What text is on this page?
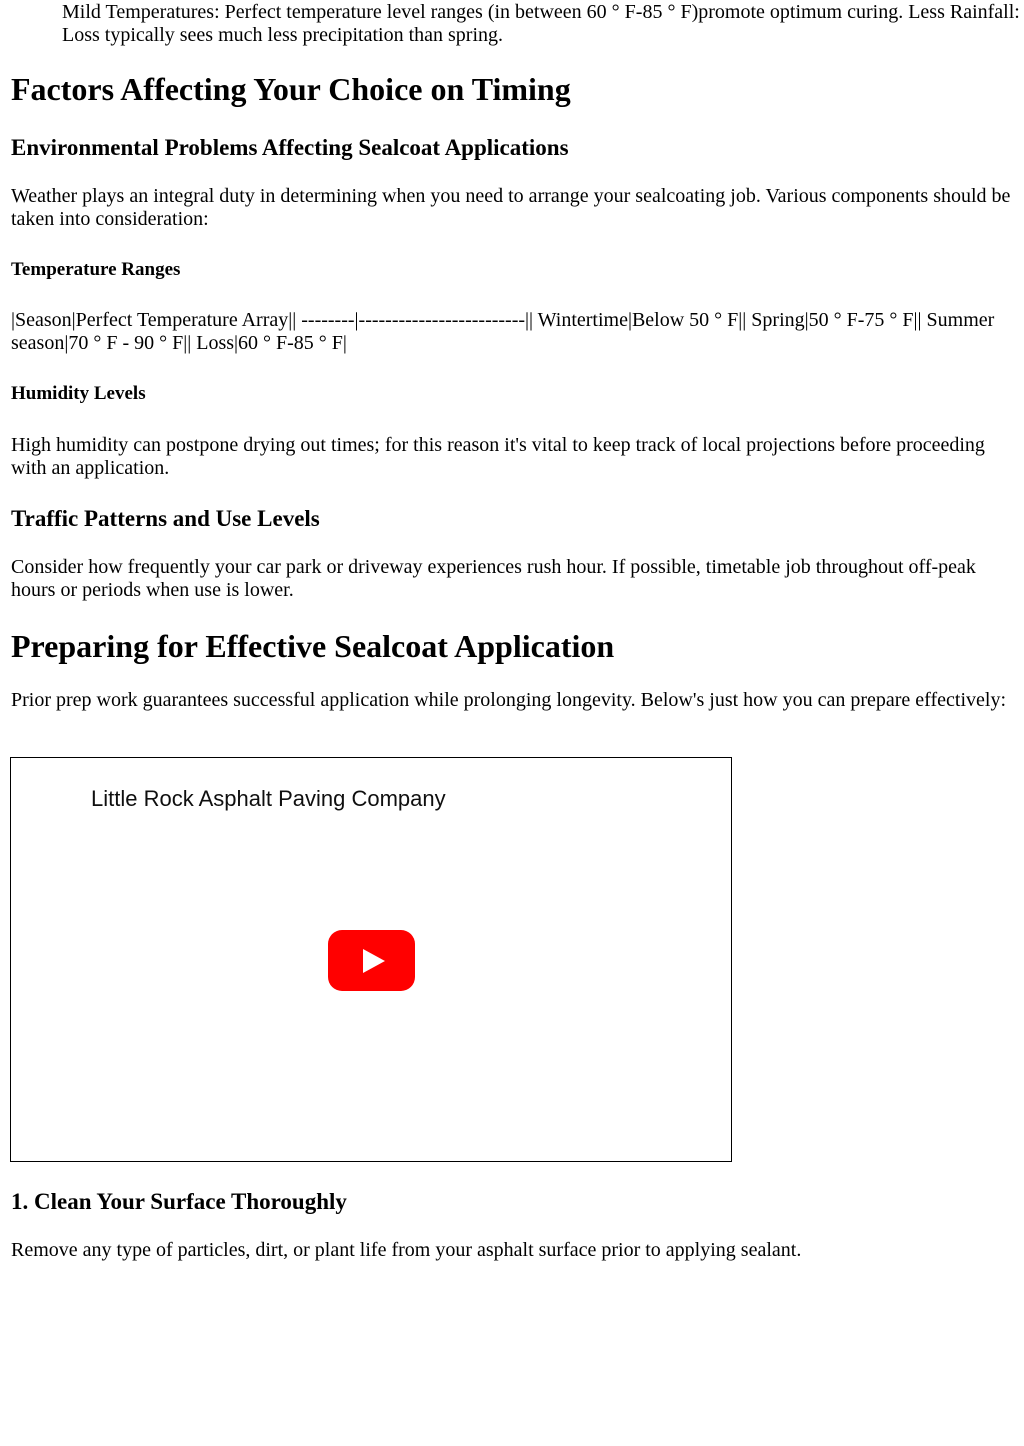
Mild Temperatures: Perfect temperature level ranges (in between 60 ° F-85 ° F)promote optimum curing. Less Rainfall: Loss typically sees much less precipitation than spring.

Factors Affecting Your Choice on Timing
Environmental Problems Affecting Sealcoat Applications

Weather plays an integral duty in determining when you need to arrange your sealcoating job. Various components should be taken into consideration:

Temperature Ranges

|Season|Perfect Temperature Array|| --------|-------------------------|| Wintertime|Below 50 ° F|| Spring|50 ° F-75 ° F|| Summer season|70 ° F - 90 ° F|| Loss|60 ° F-85 ° F|

Humidity Levels

High humidity can postpone drying out times; for this reason it's vital to keep track of local projections before proceeding with an application.

Traffic Patterns and Use Levels

Consider how frequently your car park or driveway experiences rush hour. If possible, timetable job throughout off-peak hours or periods when use is lower.

Preparing for Effective Sealcoat Application

Prior prep work guarantees successful application while prolonging longevity. Below's just how you can prepare effectively:

Little Rock Asphalt Paving Company
1. Clean Your Surface Thoroughly

Remove any type of particles, dirt, or plant life from your asphalt surface prior to applying sealant.
